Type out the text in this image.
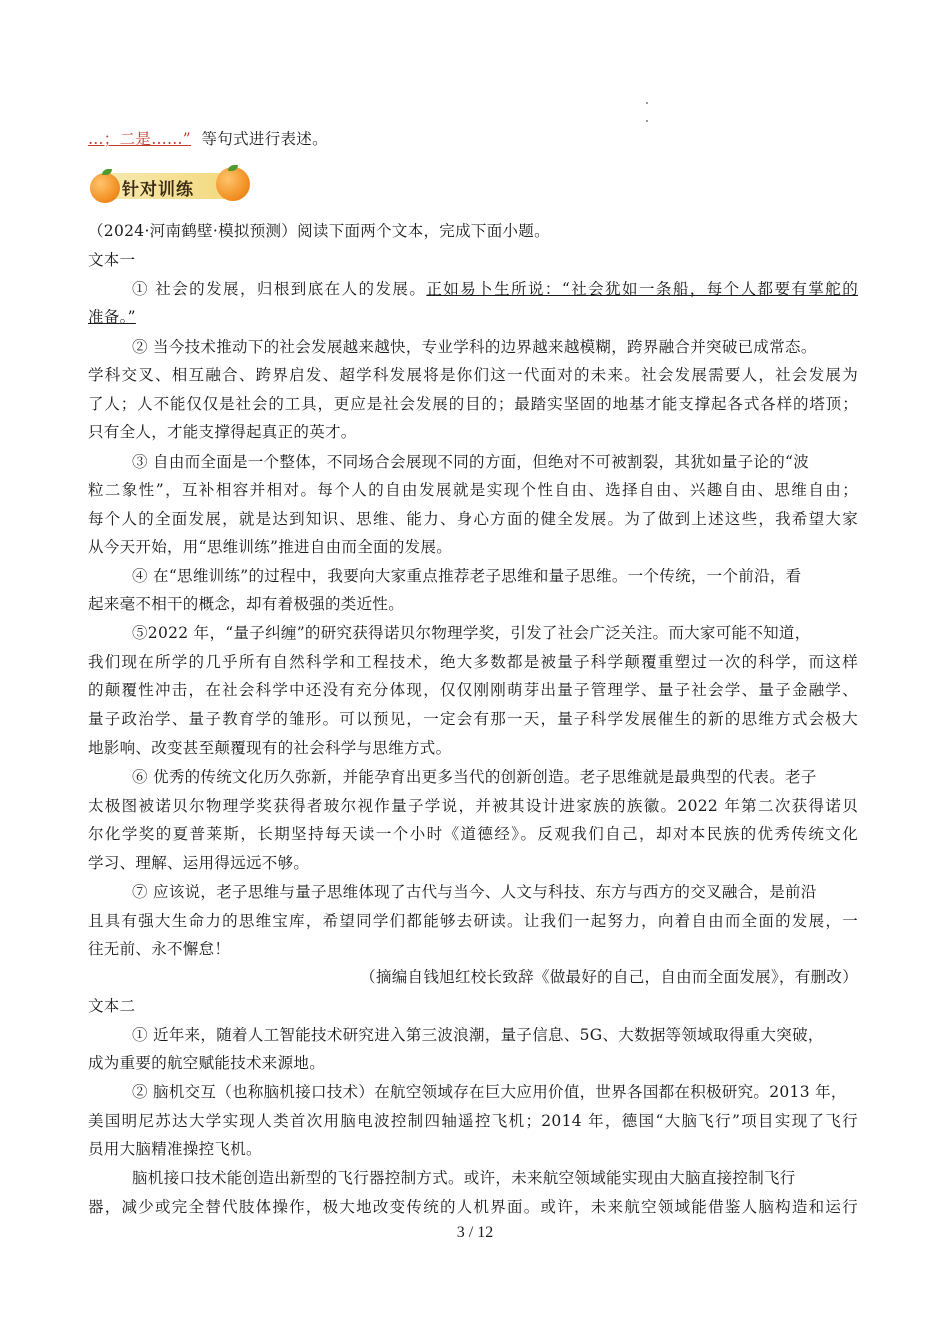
…；二是……” 等句式进行表述。
针对训练
（2024·河南鹤壁·模拟预测）阅读下面两个文本，完成下面小题。
文本一
① 社会的发展，归根到底在人的发展。正如易卜生所说：“社会犹如一条船，每个人都要有掌舵的
准备。”
② 当今技术推动下的社会发展越来越快，专业学科的边界越来越模糊，跨界融合并突破已成常态。
学科交叉、相互融合、跨界启发、超学科发展将是你们这一代面对的未来。社会发展需要人，社会发展为
了人；人不能仅仅是社会的工具，更应是社会发展的目的；最踏实坚固的地基才能支撑起各式各样的塔顶；
只有全人，才能支撑得起真正的英才。
③ 自由而全面是一个整体，不同场合会展现不同的方面，但绝对不可被割裂，其犹如量子论的“波
粒二象性”，互补相容并相对。每个人的自由发展就是实现个性自由、选择自由、兴趣自由、思维自由；
每个人的全面发展，就是达到知识、思维、能力、身心方面的健全发展。为了做到上述这些，我希望大家
从今天开始，用“思维训练”推进自由而全面的发展。
④ 在“思维训练”的过程中，我要向大家重点推荐老子思维和量子思维。一个传统，一个前沿，看
起来毫不相干的概念，却有着极强的类近性。
⑤2022 年，“量子纠缠”的研究获得诺贝尔物理学奖，引发了社会广泛关注。而大家可能不知道，
我们现在所学的几乎所有自然科学和工程技术，绝大多数都是被量子科学颠覆重塑过一次的科学，而这样
的颠覆性冲击，在社会科学中还没有充分体现，仅仅刚刚萌芽出量子管理学、量子社会学、量子金融学、
量子政治学、量子教育学的雏形。可以预见，一定会有那一天，量子科学发展催生的新的思维方式会极大
地影响、改变甚至颠覆现有的社会科学与思维方式。
⑥ 优秀的传统文化历久弥新，并能孕育出更多当代的创新创造。老子思维就是最典型的代表。老子
太极图被诺贝尔物理学奖获得者玻尔视作量子学说，并被其设计进家族的族徽。2022 年第二次获得诺贝
尔化学奖的夏普莱斯，长期坚持每天读一个小时《道德经》。反观我们自己，却对本民族的优秀传统文化
学习、理解、运用得远远不够。
⑦ 应该说，老子思维与量子思维体现了古代与当今、人文与科技、东方与西方的交叉融合，是前沿
且具有强大生命力的思维宝库，希望同学们都能够去研读。让我们一起努力，向着自由而全面的发展，一
往无前、永不懈怠！
（摘编自钱旭红校长致辞《做最好的自己，自由而全面发展》，有删改）
文本二
① 近年来，随着人工智能技术研究进入第三波浪潮，量子信息、5G、大数据等领域取得重大突破，
成为重要的航空赋能技术来源地。
② 脑机交互（也称脑机接口技术）在航空领域存在巨大应用价值，世界各国都在积极研究。2013 年，
美国明尼苏达大学实现人类首次用脑电波控制四轴遥控飞机；2014 年，德国“大脑飞行”项目实现了飞行
员用大脑精准操控飞机。
脑机接口技术能创造出新型的飞行器控制方式。或许，未来航空领域能实现由大脑直接控制飞行
器，减少或完全替代肢体操作，极大地改变传统的人机界面。或许，未来航空领域能借鉴人脑构造和运行
3 / 12
